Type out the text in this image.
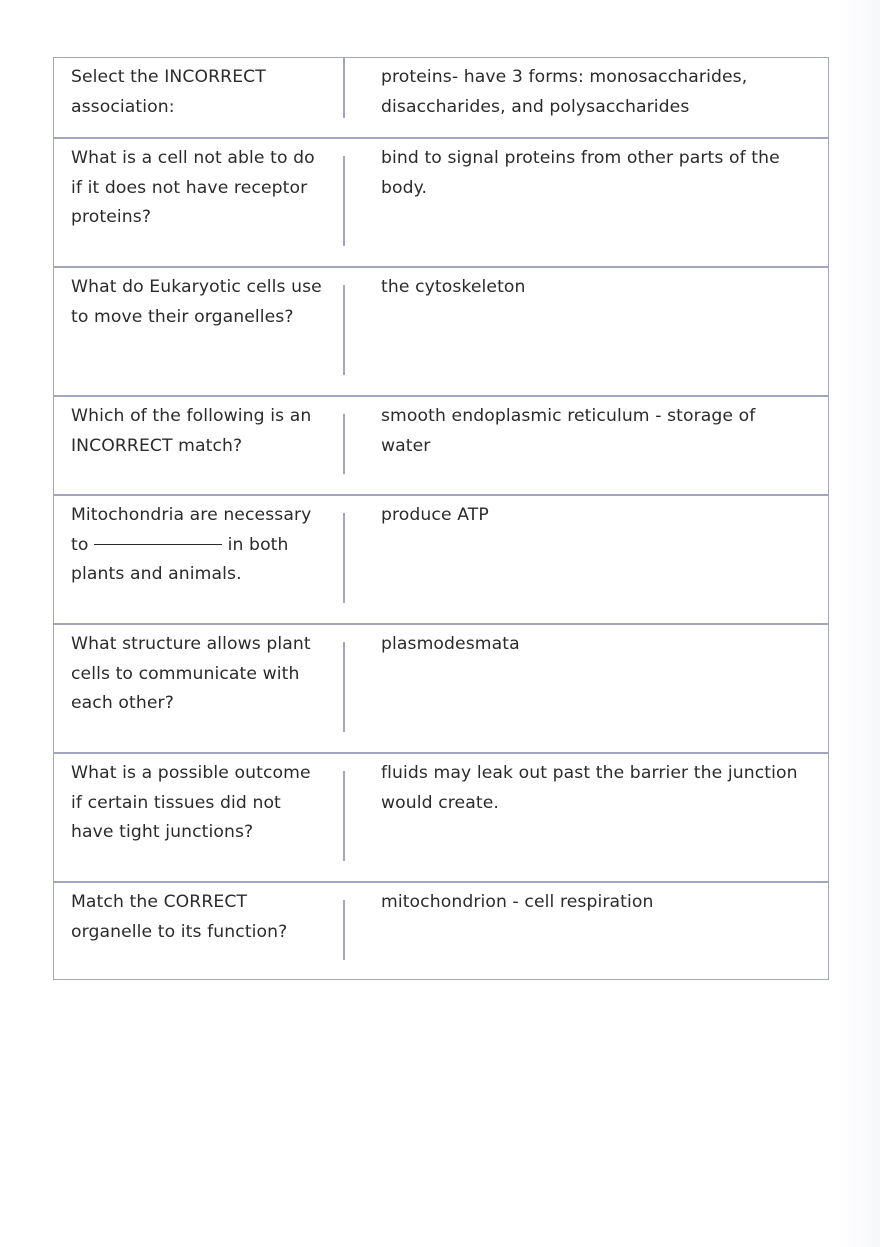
Select the INCORRECT association:
proteins- have 3 forms: monosaccharides, disaccharides, and polysaccharides
What is a cell not able to do if it does not have receptor proteins?
bind to signal proteins from other parts of the body.
What do Eukaryotic cells use to move their organelles?
the cytoskeleton
Which of the following is an INCORRECT match?
smooth endoplasmic reticulum - storage of water
Mitochondria are necessary to	in both plants and animals.
produce ATP
What structure allows plant cells to communicate with each other?
plasmodesmata
What is a possible outcome if certain tissues did not have tight junctions?
fluids may leak out past the barrier the junction would create.
Match the CORRECT organelle to its function?
mitochondrion - cell respiration
